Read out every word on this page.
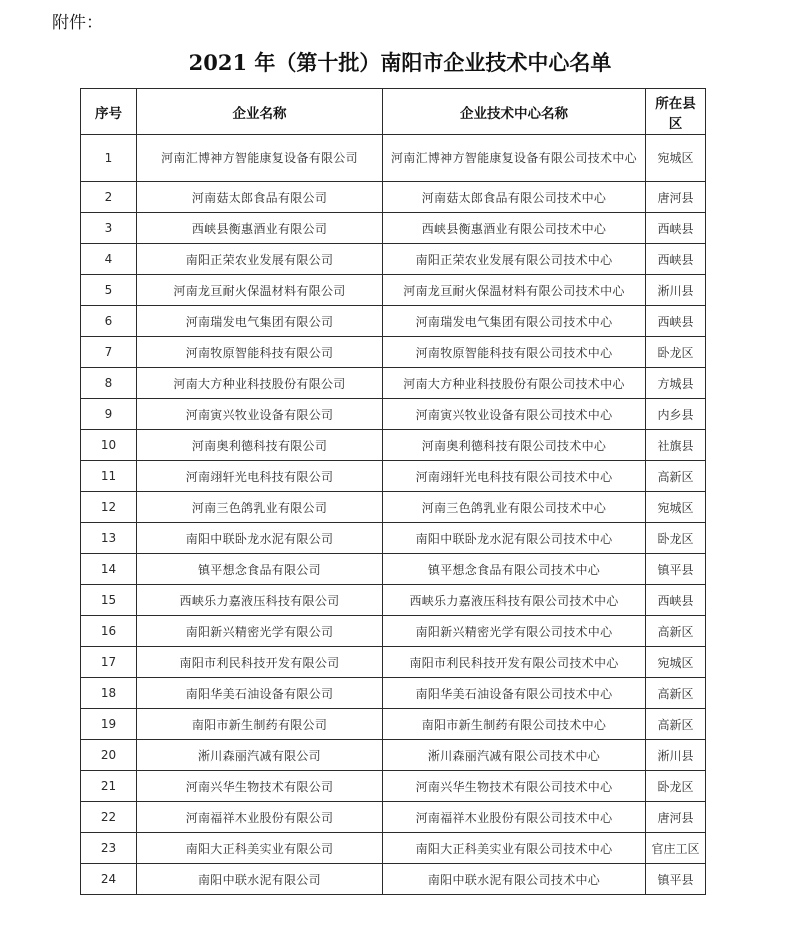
附件：
2021 年（第十批）南阳市企业技术中心名单
序号	企业名称	企业技术中心名称	所在县区
1	河南汇博神方智能康复设备有限公司	河南汇博神方智能康复设备有限公司技术中心	宛城区
2	河南菇太郎食品有限公司	河南菇太郎食品有限公司技术中心	唐河县
3	西峡县衡惠酒业有限公司	西峡县衡惠酒业有限公司技术中心	西峡县
4	南阳正荣农业发展有限公司	南阳正荣农业发展有限公司技术中心	西峡县
5	河南龙亘耐火保温材料有限公司	河南龙亘耐火保温材料有限公司技术中心	淅川县
6	河南瑞发电气集团有限公司	河南瑞发电气集团有限公司技术中心	西峡县
7	河南牧原智能科技有限公司	河南牧原智能科技有限公司技术中心	卧龙区
8	河南大方种业科技股份有限公司	河南大方种业科技股份有限公司技术中心	方城县
9	河南寅兴牧业设备有限公司	河南寅兴牧业设备有限公司技术中心	内乡县
10	河南奥利德科技有限公司	河南奥利德科技有限公司技术中心	社旗县
11	河南翊轩光电科技有限公司	河南翊轩光电科技有限公司技术中心	高新区
12	河南三色鸽乳业有限公司	河南三色鸽乳业有限公司技术中心	宛城区
13	南阳中联卧龙水泥有限公司	南阳中联卧龙水泥有限公司技术中心	卧龙区
14	镇平想念食品有限公司	镇平想念食品有限公司技术中心	镇平县
15	西峡乐力嘉液压科技有限公司	西峡乐力嘉液压科技有限公司技术中心	西峡县
16	南阳新兴精密光学有限公司	南阳新兴精密光学有限公司技术中心	高新区
17	南阳市利民科技开发有限公司	南阳市利民科技开发有限公司技术中心	宛城区
18	南阳华美石油设备有限公司	南阳华美石油设备有限公司技术中心	高新区
19	南阳市新生制药有限公司	南阳市新生制药有限公司技术中心	高新区
20	淅川森丽汽减有限公司	淅川森丽汽减有限公司技术中心	淅川县
21	河南兴华生物技术有限公司	河南兴华生物技术有限公司技术中心	卧龙区
22	河南福祥木业股份有限公司	河南福祥木业股份有限公司技术中心	唐河县
23	南阳大正科美实业有限公司	南阳大正科美实业有限公司技术中心	官庄工区
24	南阳中联水泥有限公司	南阳中联水泥有限公司技术中心	镇平县
